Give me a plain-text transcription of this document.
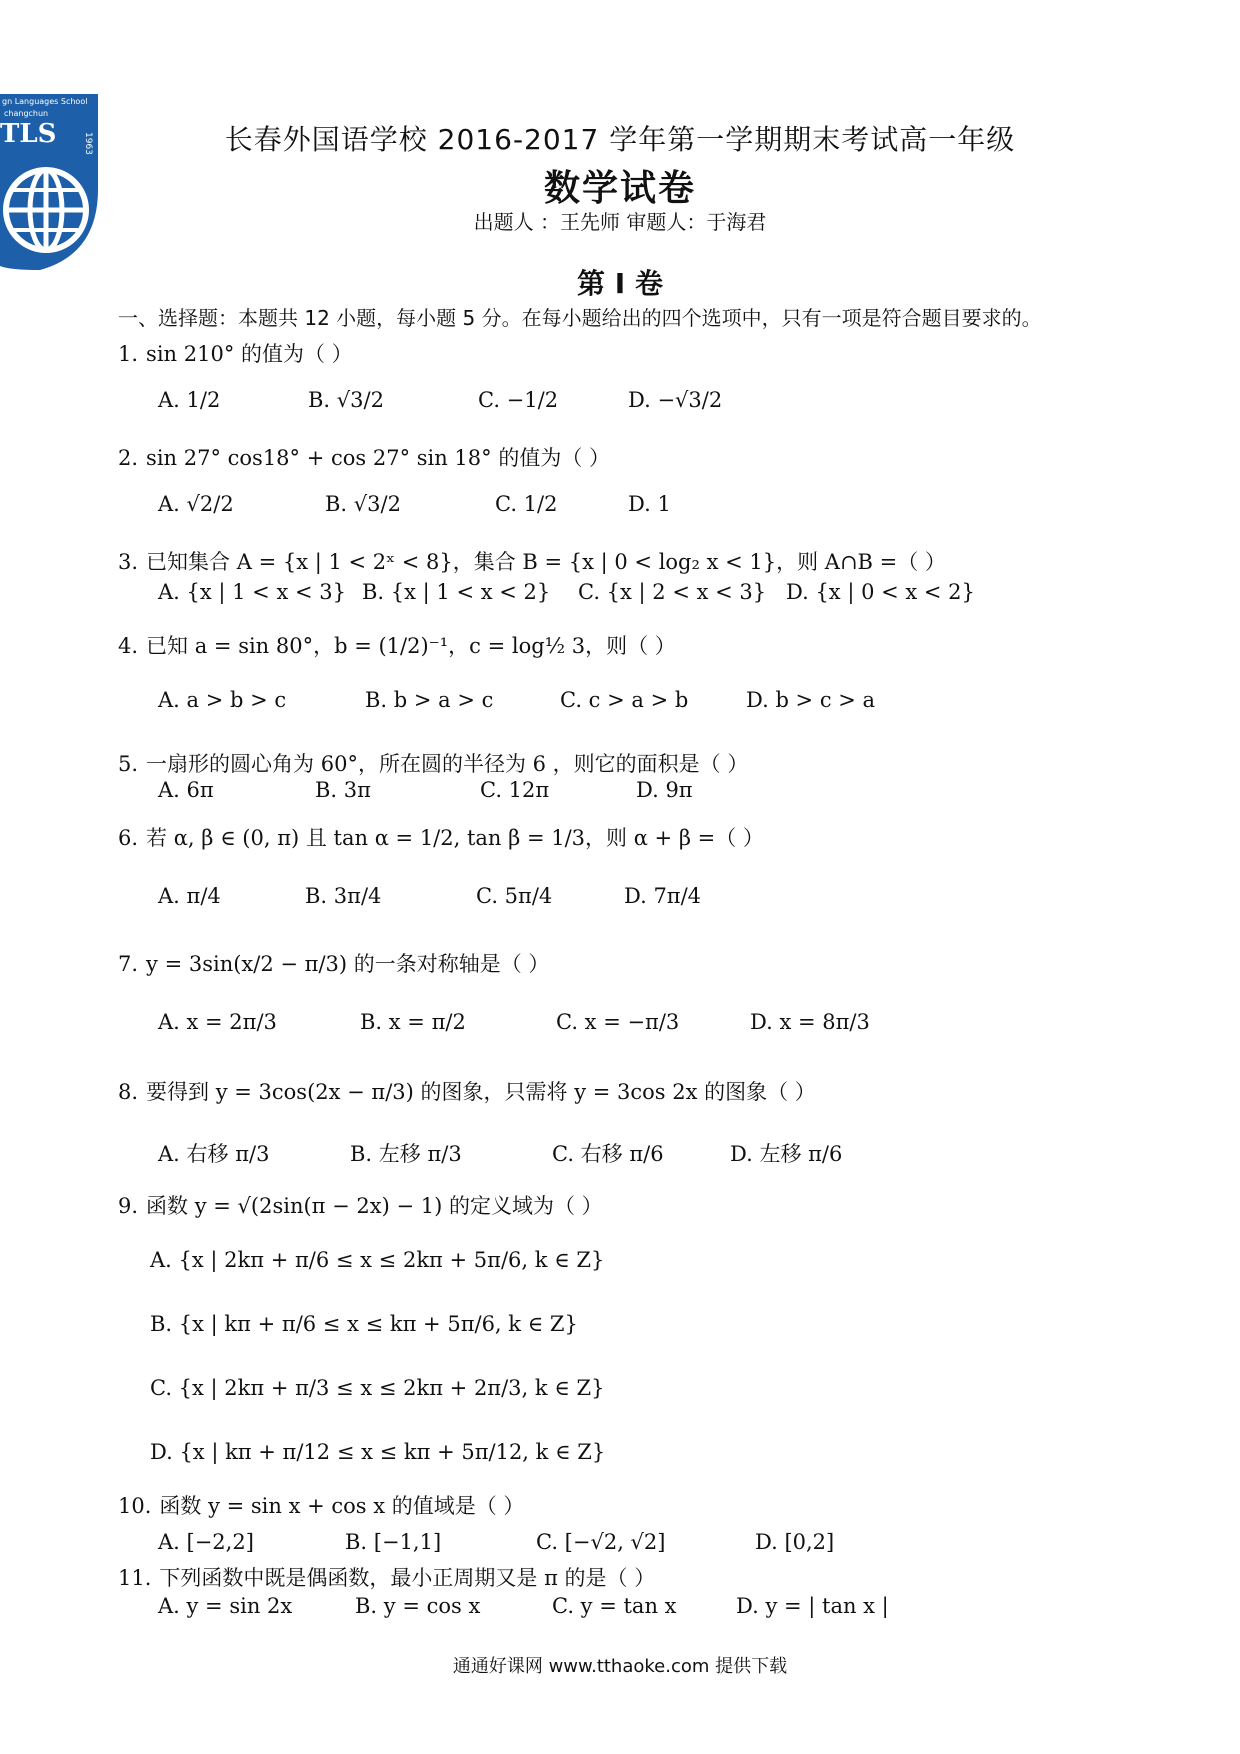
gn Languages School
changchun
TLS	1963	长春外国语学校 2016-2017 学年第一学期期末考试高一年级
数学试卷
出题人 ：王先师 审题人：于海君
第 I 卷
一、选择题：本题共 12 小题，每小题 5 分。在每小题给出的四个选项中，只有一项是符合题目要求的。
1. sin 210° 的值为（ ）
A. 1/2	B. √3/2	C. −1/2	D. −√3/2
2. sin 27° cos18° + cos 27° sin 18° 的值为（ ）
A. √2/2	B. √3/2	C. 1/2	D. 1
3. 已知集合 A = {x | 1 < 2ˣ < 8}，集合 B = {x | 0 < log₂ x < 1}，则 A∩B =（ ）
A. {x | 1 < x < 3} B. {x | 1 < x < 2} C. {x | 2 < x < 3} D. {x | 0 < x < 2}
4. 已知 a = sin 80°，b = (1/2)⁻¹，c = log½ 3，则（ ）
A. a > b > c	B. b > a > c	C. c > a > b	D. b > c > a
5. 一扇形的圆心角为 60°，所在圆的半径为 6 ，则它的面积是（ ）
A. 6π	B. 3π	C. 12π	D. 9π
6. 若 α, β ∈ (0, π) 且 tan α = 1/2, tan β = 1/3，则 α + β =（ ）
A. π/4	B. 3π/4	C. 5π/4	D. 7π/4
7. y = 3sin(x/2 − π/3) 的一条对称轴是（ ）
A. x = 2π/3	B. x = π/2	C. x = −π/3	D. x = 8π/3
8. 要得到 y = 3cos(2x − π/3) 的图象，只需将 y = 3cos 2x 的图象（ ）
A. 右移 π/3	B. 左移 π/3	C. 右移 π/6	D. 左移 π/6
9. 函数 y = √(2sin(π − 2x) − 1) 的定义域为（ ）
A. {x | 2kπ + π/6 ≤ x ≤ 2kπ + 5π/6, k ∈ Z}
B. {x | kπ + π/6 ≤ x ≤ kπ + 5π/6, k ∈ Z}
C. {x | 2kπ + π/3 ≤ x ≤ 2kπ + 2π/3, k ∈ Z}
D. {x | kπ + π/12 ≤ x ≤ kπ + 5π/12, k ∈ Z}
10. 函数 y = sin x + cos x 的值域是（ ）
A. [−2,2]	B. [−1,1]	C. [−√2, √2]	D. [0,2]
11. 下列函数中既是偶函数，最小正周期又是 π 的是（ ）
A. y = sin 2x	B. y = cos x	C. y = tan x	D. y = | tan x |
通通好课网 www.tthaoke.com 提供下载
